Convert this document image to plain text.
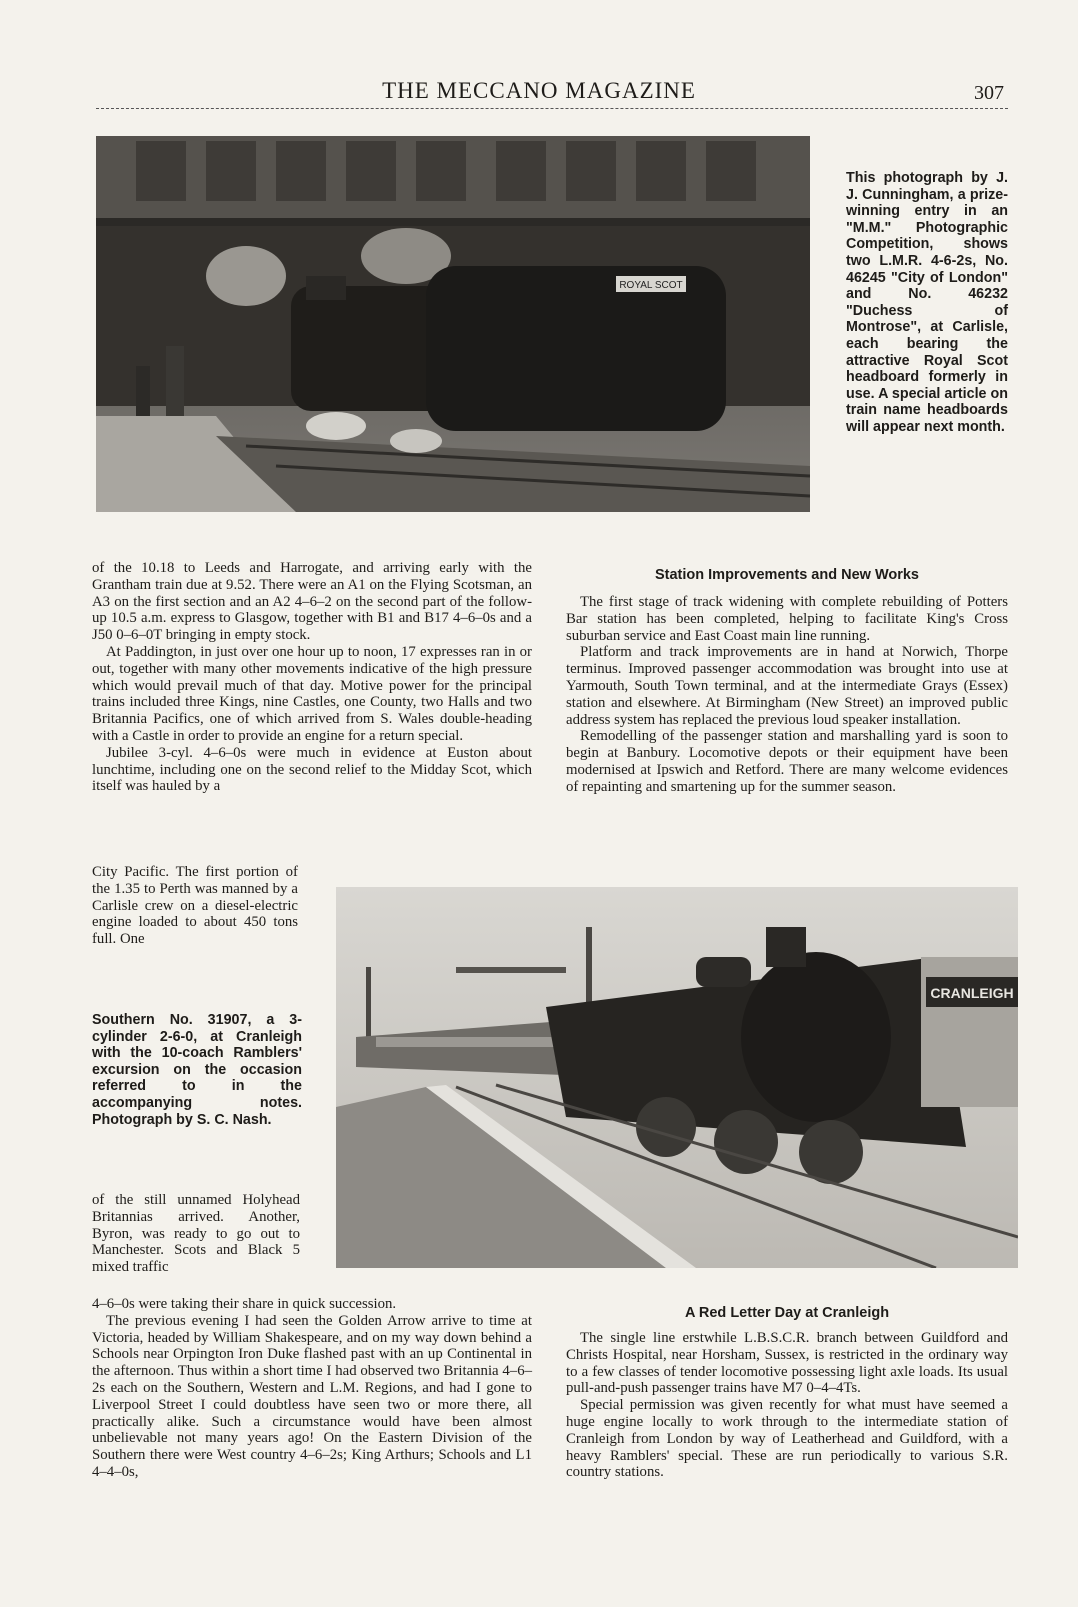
THE MECCANO MAGAZINE	307
ROYAL SCOT
This photograph by J. J. Cunningham, a prize-winning entry in an "M.M." Photographic Competition, shows two L.M.R. 4-6-2s, No. 46245 "City of London" and No. 46232 "Duchess of Montrose", at Carlisle, each bearing the attractive Royal Scot headboard formerly in use. A special article on train name headboards will appear next month.

of the 10.18 to Leeds and Harrogate, and arriving early with the Grantham train due at 9.52. There were an A1 on the Flying Scotsman, an A3 on the first section and an A2 4–6–2 on the second part of the follow-up 10.5 a.m. express to Glasgow, together with B1 and B17 4–6–0s and a J50 0–6–0T bringing in empty stock.

At Paddington, in just over one hour up to noon, 17 expresses ran in or out, together with many other movements indicative of the high pressure which would prevail much of that day. Motive power for the principal trains included three Kings, nine Castles, one County, two Halls and two Britannia Pacifics, one of which arrived from S. Wales double-heading with a Castle in order to provide an engine for a return special.

Jubilee 3-cyl. 4–6–0s were much in evidence at Euston about lunchtime, including one on the second relief to the Midday Scot, which itself was hauled by a

City Pacific. The first portion of the 1.35 to Perth was manned by a Carlisle crew on a diesel-electric engine loaded to about 450 tons full. One

Southern No. 31907, a 3-cylinder 2-6-0, at Cranleigh with the 10-coach Ramblers' excursion on the occasion referred to in the accompanying notes. Photograph by S. C. Nash.

of the still unnamed Holyhead Britannias arrived. Another, Byron, was ready to go out to Manchester. Scots and Black 5 mixed traffic

4–6–0s were taking their share in quick succession.

The previous evening I had seen the Golden Arrow arrive to time at Victoria, headed by William Shakespeare, and on my way down behind a Schools near Orpington Iron Duke flashed past with an up Continental in the afternoon. Thus within a short time I had observed two Britannia 4–6–2s each on the Southern, Western and L.M. Regions, and had I gone to Liverpool Street I could doubtless have seen two or more there, all practically alike. Such a circumstance would have been almost unbelievable not many years ago! On the Eastern Division of the Southern there were West country 4–6–2s; King Arthurs; Schools and L1 4–4–0s,

CRANLEIGH
Station Improvements and New Works

The first stage of track widening with complete rebuilding of Potters Bar station has been completed, helping to facilitate King's Cross suburban service and East Coast main line running.

Platform and track improvements are in hand at Norwich, Thorpe terminus. Improved passenger accommodation was brought into use at Yarmouth, South Town terminal, and at the intermediate Grays (Essex) station and elsewhere. At Birmingham (New Street) an improved public address system has replaced the previous loud speaker installation.

Remodelling of the passenger station and marshalling yard is soon to begin at Banbury. Locomotive depots or their equipment have been modernised at Ipswich and Retford. There are many welcome evidences of repainting and smartening up for the summer season.

A Red Letter Day at Cranleigh

The single line erstwhile L.B.S.C.R. branch between Guildford and Christs Hospital, near Horsham, Sussex, is restricted in the ordinary way to a few classes of tender locomotive possessing light axle loads. Its usual pull-and-push passenger trains have M7 0–4–4Ts.

Special permission was given recently for what must have seemed a huge engine locally to work through to the intermediate station of Cranleigh from London by way of Leatherhead and Guildford, with a heavy Ramblers' special. These are run periodically to various S.R. country stations.
